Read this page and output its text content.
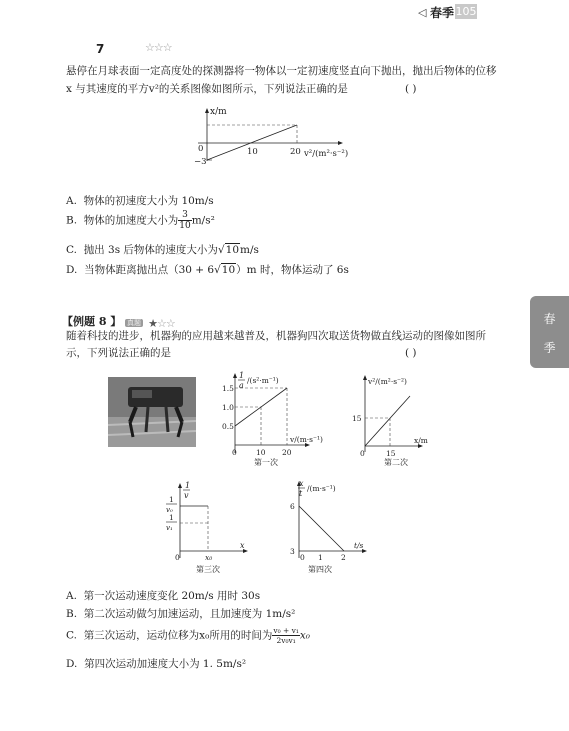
◁ 春季 105
春
季
7	☆☆☆
悬停在月球表面一定高度处的探测器将一物体以一定初速度竖直向下抛出，抛出后物体的位移
x 与其速度的平方v²的关系图像如图所示，下列说法正确的是	( )
x/m
0
−3
10	20 v²/(m²·s⁻²)
A. 物体的初速度大小为 10m/s
B. 物体的加速度大小为 $\frac{3}{10} m/s^2$
C. 抛出 3s 后物体的速度大小为√10m/s
D. 当物体距离抛出点（30 + 6√10）m 时，物体运动了 6s
【例题 8 】 真题 ★☆☆
随着科技的进步，机器狗的应用越来越普及，机器狗四次取送货物做直线运动的图像如图所
示，下列说法正确的是	( )
1
a
/(s²·m⁻¹)
1.5
1.0
0.5
0	10 20
v/(m·s⁻¹)
第一次
v²/(m²·s⁻²)
15
0	15
x/m
第二次
1
v
1
v₀
1
v₁
0	x₀
x
第三次
x
t
/(m·s⁻¹)
6
3
0 1 2
t/s
第四次
A. 第一次运动速度变化 20m/s 用时 30s
B. 第二次运动做匀加速运动，且加速度为 1m/s²
C. 第三次运动，运动位移为x₀所用的时间为 $\frac{\text{v₀ + v₁}}{\text{2v₀v₁}} x_0$
D. 第四次运动加速度大小为 1. 5m/s²
